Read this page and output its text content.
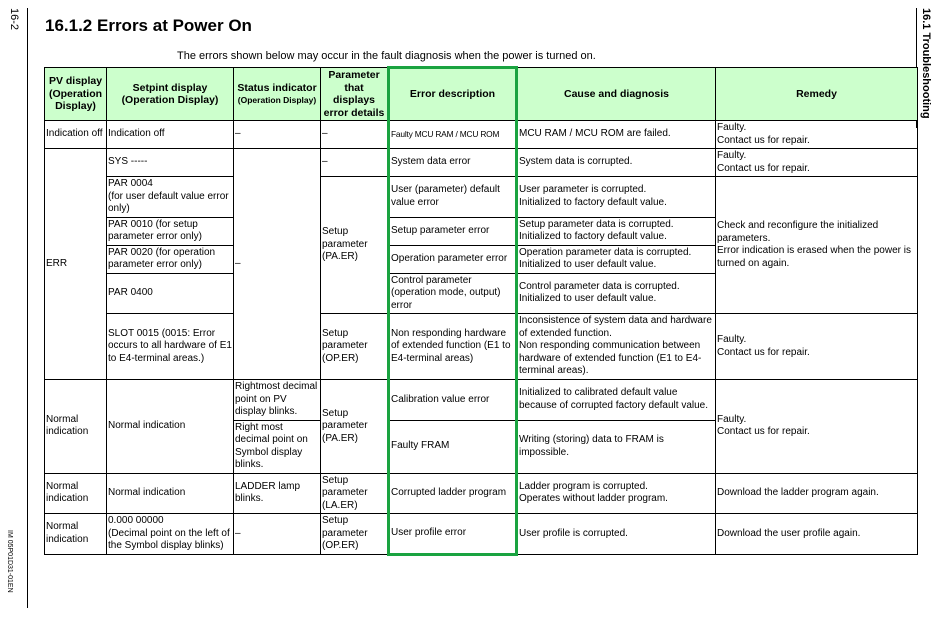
16-2
IM 05P01D31-01EN
16.1 Troubleshooting
16.1.2 Errors at Power On

The errors shown below may occur in the fault diagnosis when the power is turned on.

PV display
(Operation
Display)	Setpint display
(Operation Display)	Status indicator
(Operation Display)	Parameter
that displays
error details	Error description	Cause and diagnosis	Remedy
Indication off	Indication off	–	–	Faulty MCU RAM / MCU ROM	MCU RAM / MCU ROM are failed.	Faulty.
Contact us for repair.
ERR	SYS -----	–	–	System data error	System data is corrupted.	Faulty.
Contact us for repair.
	PAR 0004
(for user default value error only)		Setup
parameter
(PA.ER)	User (parameter) default value error	User parameter is corrupted.
Initialized to factory default value.	Check and reconfigure the initialized parameters.
Error indication is erased when the power is turned on again.
	PAR 0010 (for setup parameter error only)			Setup parameter error	Setup parameter data is corrupted.
Initialized to factory default value.	
	PAR 0020 (for operation parameter error only)			Operation parameter error	Operation parameter data is corrupted.
Initialized to user default value.	
	PAR 0400			Control parameter
(operation mode, output)
error	Control parameter data is corrupted.
Initialized to user default value.	
	SLOT 0015 (0015: Error occurs to all hardware of E1 to E4-terminal areas.)		Setup
parameter
(OP.ER)	Non responding hardware of extended function (E1 to E4-terminal areas)	Inconsistence of system data and hardware of extended function.
Non responding communication between hardware of extended function (E1 to E4-terminal areas).	Faulty.
Contact us for repair.
Normal
indication	Normal indication	Rightmost decimal point on PV display blinks.	Setup
parameter
(PA.ER)	Calibration value error	Initialized to calibrated default value because of corrupted factory default value.	Faulty.
Contact us for repair.
		Right most decimal point on Symbol display blinks.		Faulty FRAM	Writing (storing) data to FRAM is impossible.	
Normal
indication	Normal indication	LADDER lamp blinks.	Setup
parameter
(LA.ER)	Corrupted ladder program	Ladder program is corrupted.
Operates without ladder program.	Download the ladder program again.
Normal
indication	0.000 00000
(Decimal point on the left of the Symbol display blinks)	–	Setup
parameter
(OP.ER)	User profile error	User profile is corrupted.	Download the user profile again.
